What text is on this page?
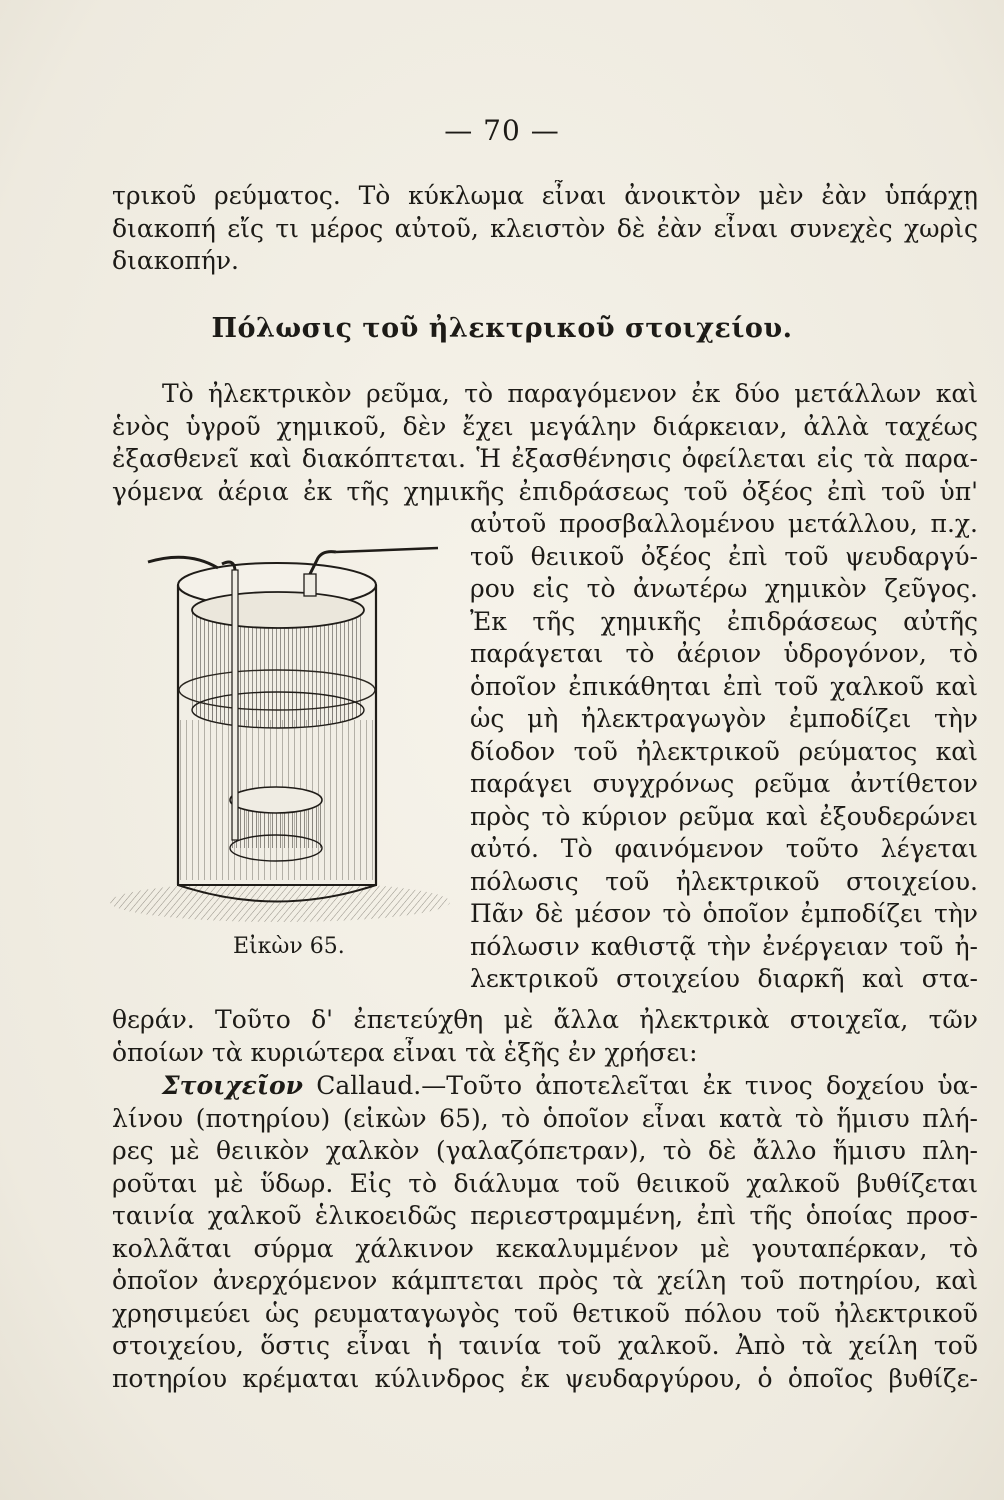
— 70 —
τρικοῦ ρεύματος. Τὸ κύκλωμα εἶναι ἀνοικτὸν μὲν ἐὰν ὑπάρχῃ
διακοπή εἴς τι μέρος αὐτοῦ, κλειστὸν δὲ ἐὰν εἶναι συνεχὲς χωρὶς
διακοπήν.
Πόλωσις τοῦ ἠλεκτρικοῦ στοιχείου.
Τὸ ἠλεκτρικὸν ρεῦμα, τὸ παραγόμενον ἐκ δύο μετάλλων καὶ
ἑνὸς ὑγροῦ χημικοῦ, δὲν ἔχει μεγάλην διάρκειαν, ἀλλὰ ταχέως
ἐξασθενεῖ καὶ διακόπτεται. Ἡ ἐξασθένησις ὀφείλεται εἰς τὰ παρα-
γόμενα ἀέρια ἐκ τῆς χημικῆς ἐπιδράσεως τοῦ ὀξέος ἐπὶ τοῦ ὑπ'
αὐτοῦ προσβαλλομένου μετάλλου, π.χ.
τοῦ θειικοῦ ὀξέος ἐπὶ τοῦ ψευδαργύ-
ρου εἰς τὸ ἀνωτέρω χημικὸν ζεῦγος.
Ἐκ τῆς χημικῆς ἐπιδράσεως αὐτῆς
παράγεται τὸ ἀέριον ὑδρογόνον, τὸ
ὁποῖον ἐπικάθηται ἐπὶ τοῦ χαλκοῦ καὶ
ὡς μὴ ἠλεκτραγωγὸν ἐμποδίζει τὴν
δίοδον τοῦ ἠλεκτρικοῦ ρεύματος καὶ
παράγει συγχρόνως ρεῦμα ἀντίθετον
πρὸς τὸ κύριον ρεῦμα καὶ ἐξουδερώνει
αὐτό. Τὸ φαινόμενον τοῦτο λέγεται
πόλωσις τοῦ ἠλεκτρικοῦ στοιχείου.
Πᾶν δὲ μέσον τὸ ὁποῖον ἐμποδίζει τὴν
πόλωσιν καθιστᾷ τὴν ἐνέργειαν τοῦ ἠ-
λεκτρικοῦ στοιχείου διαρκῆ καὶ στα-
Εἰκὼν 65.
θεράν. Τοῦτο δ' ἐπετεύχθη μὲ ἄλλα ἠλεκτρικὰ στοιχεῖα, τῶν
ὁποίων τὰ κυριώτερα εἶναι τὰ ἑξῆς ἐν χρήσει:
Στοιχεῖον Callaud.—Τοῦτο ἀποτελεῖται ἐκ τινος δοχείου ὑα-
λίνου (ποτηρίου) (εἰκὼν 65), τὸ ὁποῖον εἶναι κατὰ τὸ ἥμισυ πλή-
ρες μὲ θειικὸν χαλκὸν (γαλαζόπετραν), τὸ δὲ ἄλλο ἥμισυ πλη-
ροῦται μὲ ὕδωρ. Εἰς τὸ διάλυμα τοῦ θειικοῦ χαλκοῦ βυθίζεται
ταινία χαλκοῦ ἑλικοειδῶς περιεστραμμένη, ἐπὶ τῆς ὁποίας προσ-
κολλᾶται σύρμα χάλκινον κεκαλυμμένον μὲ γουταπέρκαν, τὸ
ὁποῖον ἀνερχόμενον κάμπτεται πρὸς τὰ χείλη τοῦ ποτηρίου, καὶ
χρησιμεύει ὡς ρευματαγωγὸς τοῦ θετικοῦ πόλου τοῦ ἠλεκτρικοῦ
στοιχείου, ὅστις εἶναι ἡ ταινία τοῦ χαλκοῦ. Ἀπὸ τὰ χείλη τοῦ
ποτηρίου κρέμαται κύλινδρος ἐκ ψευδαργύρου, ὁ ὁποῖος βυθίζε-
